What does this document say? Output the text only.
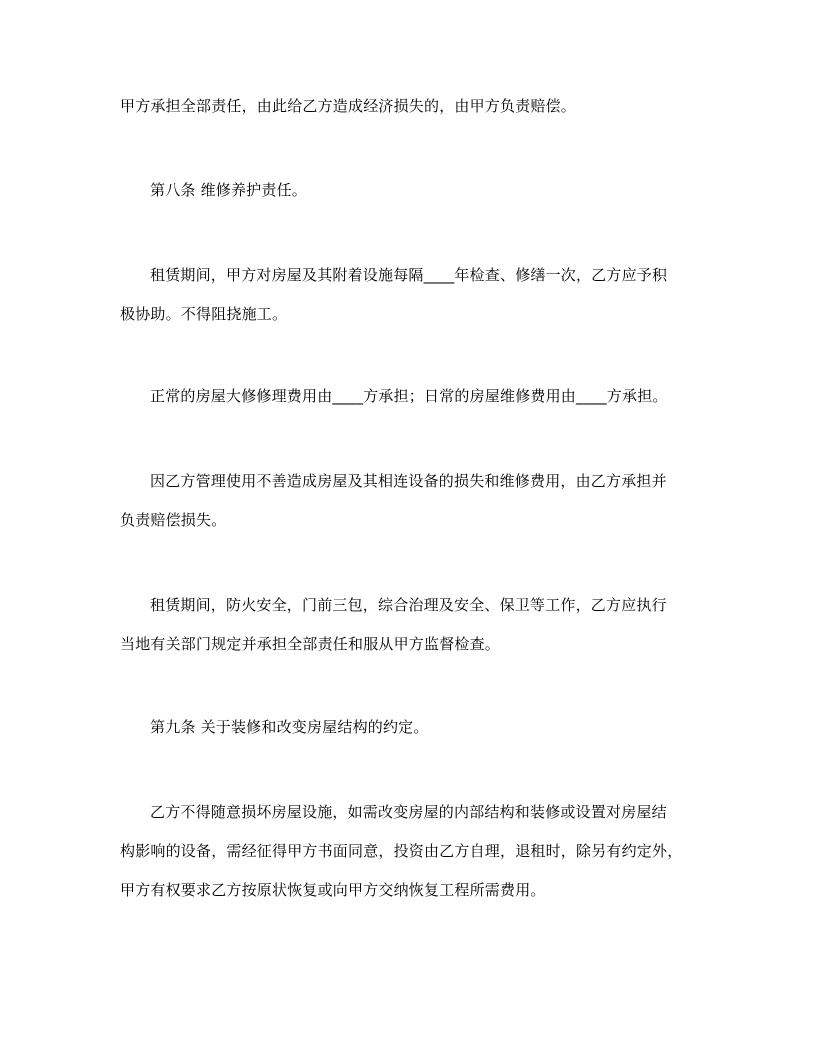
甲方承担全部责任，由此给乙方造成经济损失的，由甲方负责赔偿。
第八条 维修养护责任。
租赁期间，甲方对房屋及其附着设施每隔____年检查、修缮一次，乙方应予积
极协助。不得阻挠施工。
正常的房屋大修修理费用由____方承担；日常的房屋维修费用由____方承担。
因乙方管理使用不善造成房屋及其相连设备的损失和维修费用，由乙方承担并
负责赔偿损失。
租赁期间，防火安全，门前三包，综合治理及安全、保卫等工作，乙方应执行
当地有关部门规定并承担全部责任和服从甲方监督检查。
第九条 关于装修和改变房屋结构的约定。
乙方不得随意损坏房屋设施，如需改变房屋的内部结构和装修或设置对房屋结
构影响的设备，需经征得甲方书面同意，投资由乙方自理，退租时，除另有约定外，
甲方有权要求乙方按原状恢复或向甲方交纳恢复工程所需费用。
